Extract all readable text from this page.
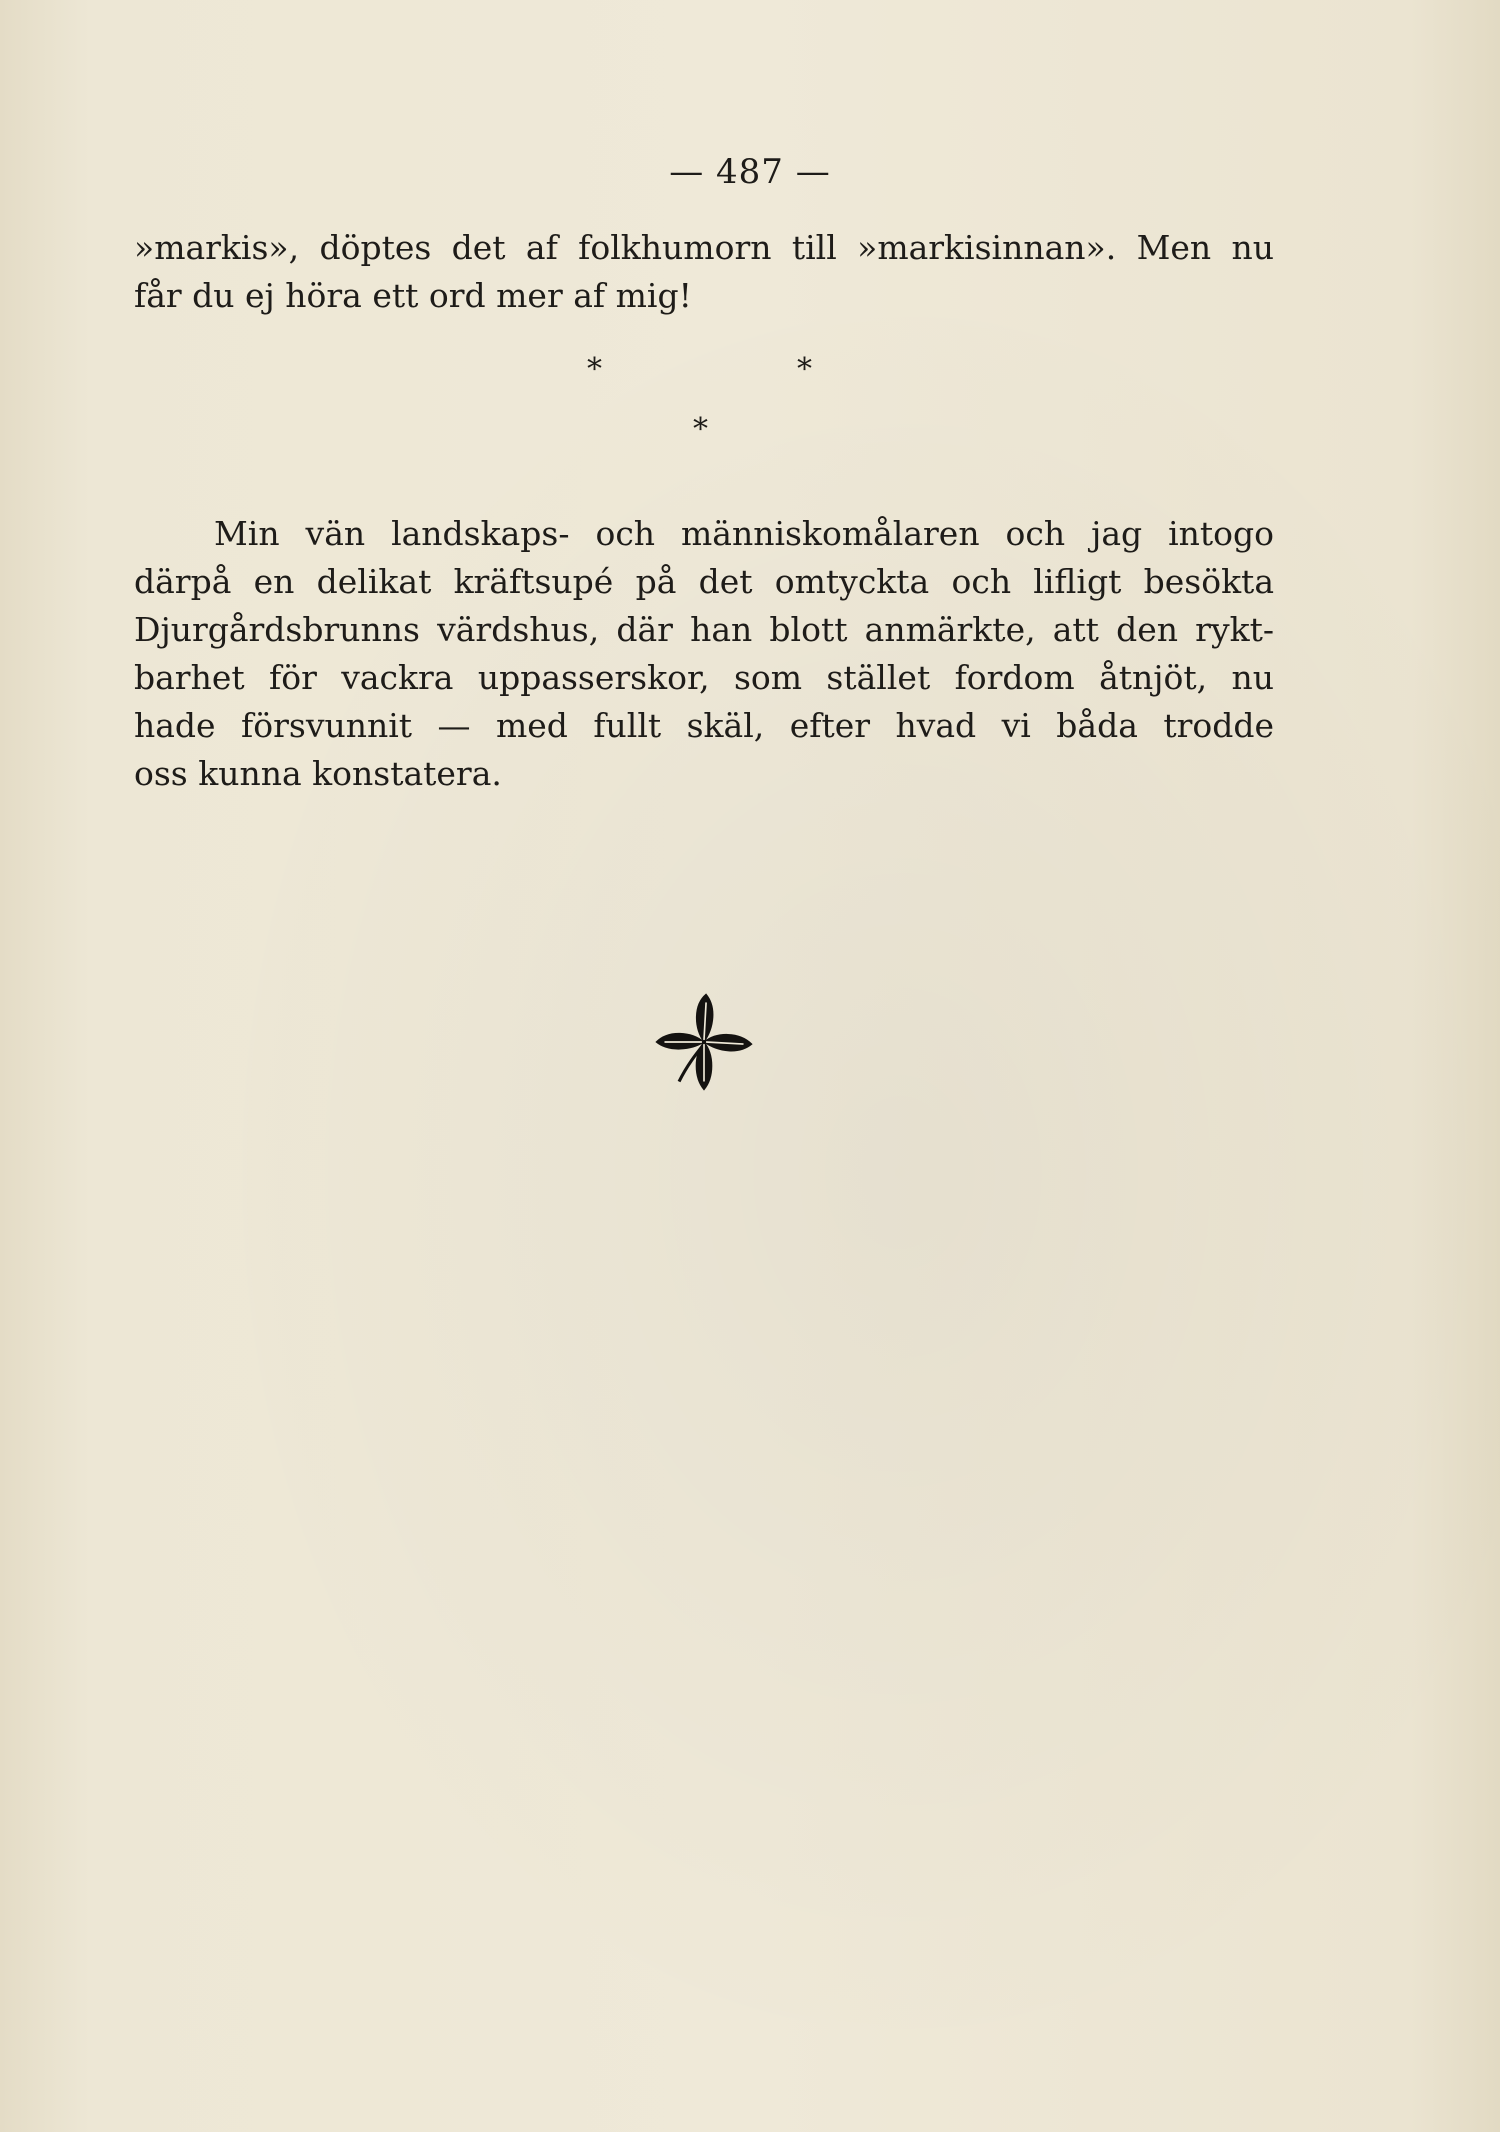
— 487 —
»markis», döptes det af folkhumorn till »markisinnan». Men nu
får du ej höra ett ord mer af mig!
*	*
*
Min vän landskaps- och människomålaren och jag intogo
därpå en delikat kräftsupé på det omtyckta och lifligt besökta
Djurgårdsbrunns värdshus, där han blott anmärkte, att den rykt-
barhet för vackra uppasserskor, som stället fordom åtnjöt, nu
hade försvunnit — med fullt skäl, efter hvad vi båda trodde
oss kunna konstatera.
